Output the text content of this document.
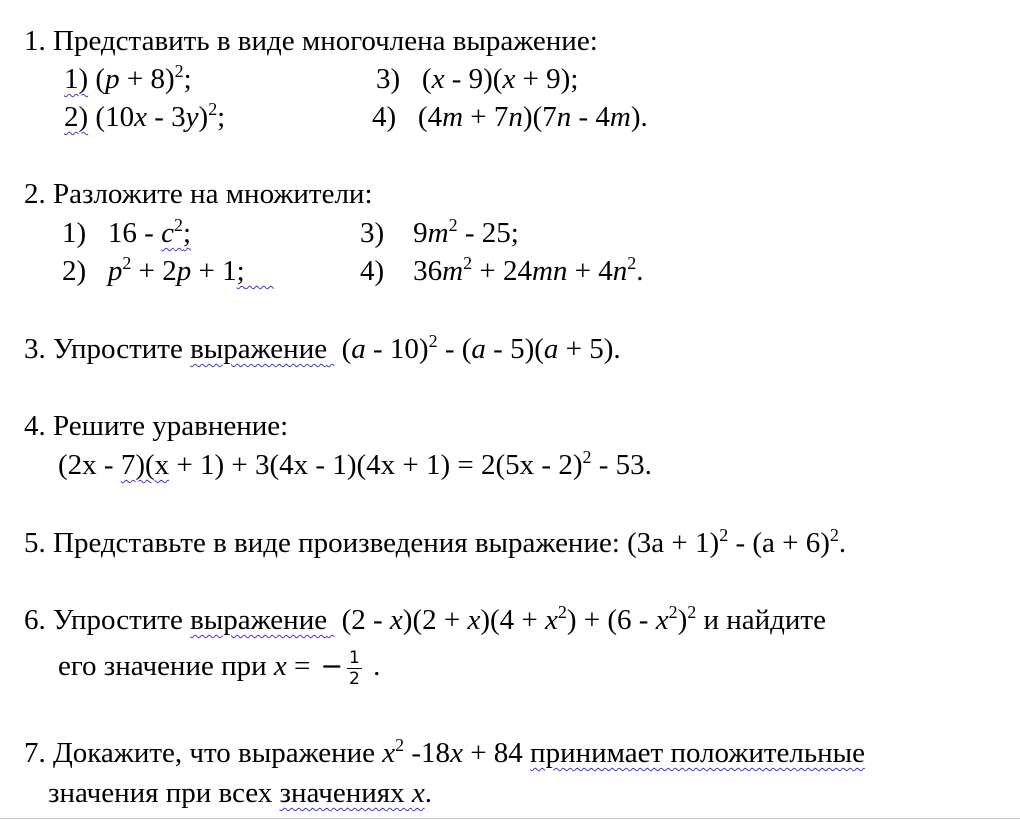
1. Представить в виде многочлена выражение:
1) $(p + 8)^2$;	3) (x - 9)(x + 9);
2) (10x - 3y)$^2$;	4) (4m + 7n)(7n - 4m).
2. Разложите на множители:
1) $16 - c^2$;	3) $9m^2 - 25$;
2) $p^2 + 2p + 1$;	4) $36m^2 + 24mn + 4n^2$.
3. Упростите выражение (a - 10)$^2$ - (a - 5)(a + 5).
4. Решите уравнение:
(2x - 7)(x + 1) + 3(4x - 1)(4x + 1) = 2(5x - 2)$^2$ - 53.
5. Представьте в виде произведения выражение: $(3a + 1)^2 - (a + 6)^2$.
6. Упростите выражение $(2 - x)(2 + x)(4 + x^2) + (6 - x^2)^2$ и найдите
его значение при x = − $\frac{1}{2}$ .
7. Докажите, что выражение $x^2$ -18x + 84 принимает положительные
значения при всех значениях x.
